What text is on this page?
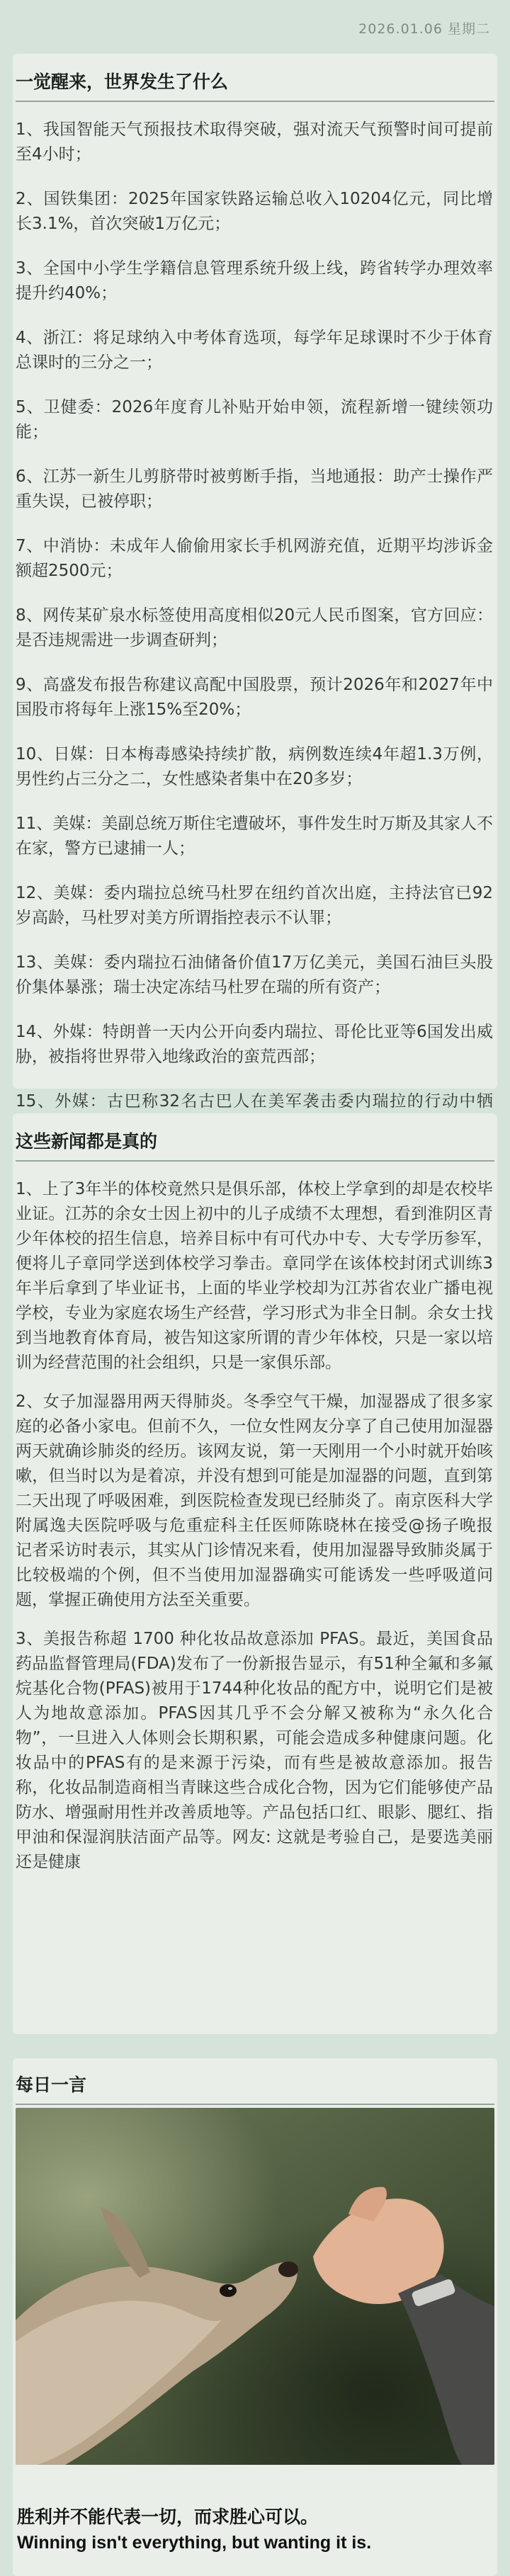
2026.01.06 星期二
一觉醒来，世界发生了什么
1、我国智能天气预报技术取得突破，强对流天气预警时间可提前至4小时；
2、国铁集团：2025年国家铁路运输总收入10204亿元，同比增长3.1%，首次突破1万亿元；
3、全国中小学生学籍信息管理系统升级上线，跨省转学办理效率提升约40%；
4、浙江：将足球纳入中考体育选项，每学年足球课时不少于体育总课时的三分之一；
5、卫健委：2026年度育儿补贴开始申领，流程新增一键续领功能；
6、江苏一新生儿剪脐带时被剪断手指，当地通报：助产士操作严重失误，已被停职；
7、中消协：未成年人偷偷用家长手机网游充值，近期平均涉诉金额超2500元；
8、网传某矿泉水标签使用高度相似20元人民币图案，官方回应：是否违规需进一步调查研判；
9、高盛发布报告称建议高配中国股票，预计2026年和2027年中国股市将每年上涨15%至20%；
10、日媒：日本梅毒感染持续扩散，病例数连续4年超1.3万例，男性约占三分之二，女性感染者集中在20多岁；
11、美媒：美副总统万斯住宅遭破坏，事件发生时万斯及其家人不在家，警方已逮捕一人；
12、美媒：委内瑞拉总统马杜罗在纽约首次出庭，主持法官已92岁高龄，马杜罗对美方所谓指控表示不认罪；
13、美媒：委内瑞拉石油储备价值17万亿美元，美国石油巨头股价集体暴涨；瑞士决定冻结马杜罗在瑞的所有资产；
14、外媒：特朗普一天内公开向委内瑞拉、哥伦比亚等6国发出威胁，被指将世界带入地缘政治的蛮荒西部；
15、外媒：古巴称32名古巴人在美军袭击委内瑞拉的行动中牺
这些新闻都是真的

1、上了3年半的体校竟然只是俱乐部，体校上学拿到的却是农校毕业证。江苏的余女士因上初中的儿子成绩不太理想，看到淮阴区青少年体校的招生信息，培养目标中有可代办中专、大专学历参军，便将儿子章同学送到体校学习拳击。章同学在该体校封闭式训练3年半后拿到了毕业证书，上面的毕业学校却为江苏省农业广播电视学校，专业为家庭农场生产经营，学习形式为非全日制。余女士找到当地教育体育局，被告知这家所谓的青少年体校，只是一家以培训为经营范围的社会组织，只是一家俱乐部。

2、女子加湿器用两天得肺炎。冬季空气干燥，加湿器成了很多家庭的必备小家电。但前不久，一位女性网友分享了自己使用加湿器两天就确诊肺炎的经历。该网友说，第一天刚用一个小时就开始咳嗽，但当时以为是着凉，并没有想到可能是加湿器的问题，直到第二天出现了呼吸困难，到医院检查发现已经肺炎了。南京医科大学附属逸夫医院呼吸与危重症科主任医师陈晓林在接受@扬子晚报 记者采访时表示，其实从门诊情况来看，使用加湿器导致肺炎属于比较极端的个例，但不当使用加湿器确实可能诱发一些呼吸道问题，掌握正确使用方法至关重要。

3、美报告称超 1700 种化妆品故意添加 PFAS。最近，美国食品药品监督管理局(FDA)发布了一份新报告显示，有51种全氟和多氟烷基化合物(PFAS)被用于1744种化妆品的配方中，说明它们是被人为地故意添加。PFAS因其几乎不会分解又被称为“永久化合物”，一旦进入人体则会长期积累，可能会造成多种健康问题。化妆品中的PFAS有的是来源于污染，而有些是被故意添加。报告称，化妆品制造商相当青睐这些合成化合物，因为它们能够使产品防水、增强耐用性并改善质地等。产品包括口红、眼影、腮红、指甲油和保湿润肤洁面产品等。网友: 这就是考验自己，是要选美丽还是健康

每日一言

胜利并不能代表一切，而求胜心可以。

Winning isn't everything, but wanting it is.
